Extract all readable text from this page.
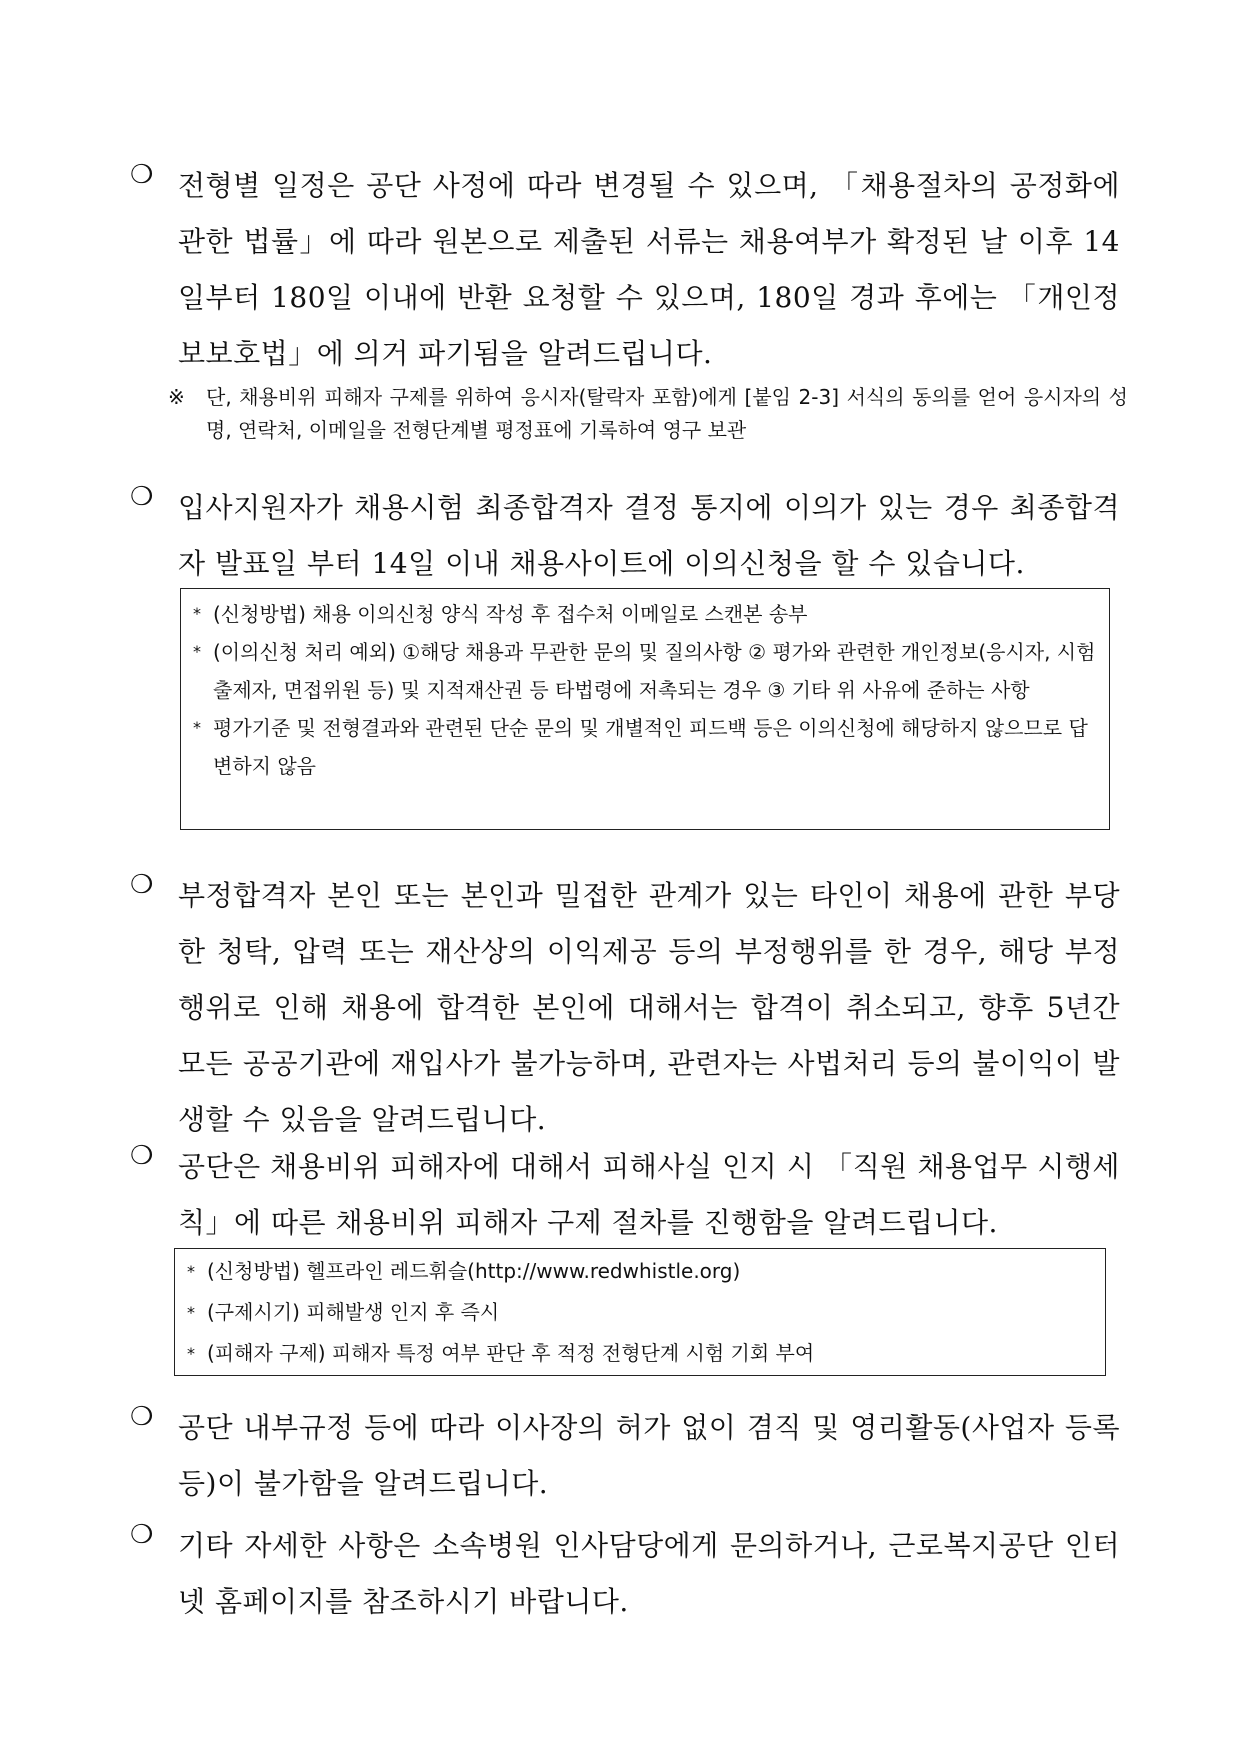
❍ 전형별 일정은 공단 사정에 따라 변경될 수 있으며, 「채용절차의 공정화에 관한 법률」에 따라 원본으로 제출된 서류는 채용여부가 확정된 날 이후 14일부터 180일 이내에 반환 요청할 수 있으며, 180일 경과 후에는 「개인정보보호법」에 의거 파기됨을 알려드립니다.
※ 단, 채용비위 피해자 구제를 위하여 응시자(탈락자 포함)에게 [붙임 2-3] 서식의 동의를 얻어 응시자의 성명, 연락처, 이메일을 전형단계별 평정표에 기록하여 영구 보관
❍ 입사지원자가 채용시험 최종합격자 결정 통지에 이의가 있는 경우 최종합격자 발표일 부터 14일 이내 채용사이트에 이의신청을 할 수 있습니다.
* (신청방법) 채용 이의신청 양식 작성 후 접수처 이메일로 스캔본 송부
* (이의신청 처리 예외) ①해당 채용과 무관한 문의 및 질의사항 ② 평가와 관련한 개인정보(응시자, 시험출제자, 면접위원 등) 및 지적재산권 등 타법령에 저촉되는 경우 ③ 기타 위 사유에 준하는 사항
* 평가기준 및 전형결과와 관련된 단순 문의 및 개별적인 피드백 등은 이의신청에 해당하지 않으므로 답변하지 않음
❍ 부정합격자 본인 또는 본인과 밀접한 관계가 있는 타인이 채용에 관한 부당한 청탁, 압력 또는 재산상의 이익제공 등의 부정행위를 한 경우, 해당 부정행위로 인해 채용에 합격한 본인에 대해서는 합격이 취소되고, 향후 5년간 모든 공공기관에 재입사가 불가능하며, 관련자는 사법처리 등의 불이익이 발생할 수 있음을 알려드립니다.
❍ 공단은 채용비위 피해자에 대해서 피해사실 인지 시 「직원 채용업무 시행세칙」에 따른 채용비위 피해자 구제 절차를 진행함을 알려드립니다.
* (신청방법) 헬프라인 레드휘슬(http://www.redwhistle.org)
* (구제시기) 피해발생 인지 후 즉시
* (피해자 구제) 피해자 특정 여부 판단 후 적정 전형단계 시험 기회 부여
❍ 공단 내부규정 등에 따라 이사장의 허가 없이 겸직 및 영리활동(사업자 등록 등)이 불가함을 알려드립니다.
❍ 기타 자세한 사항은 소속병원 인사담당에게 문의하거나, 근로복지공단 인터넷 홈페이지를 참조하시기 바랍니다.
